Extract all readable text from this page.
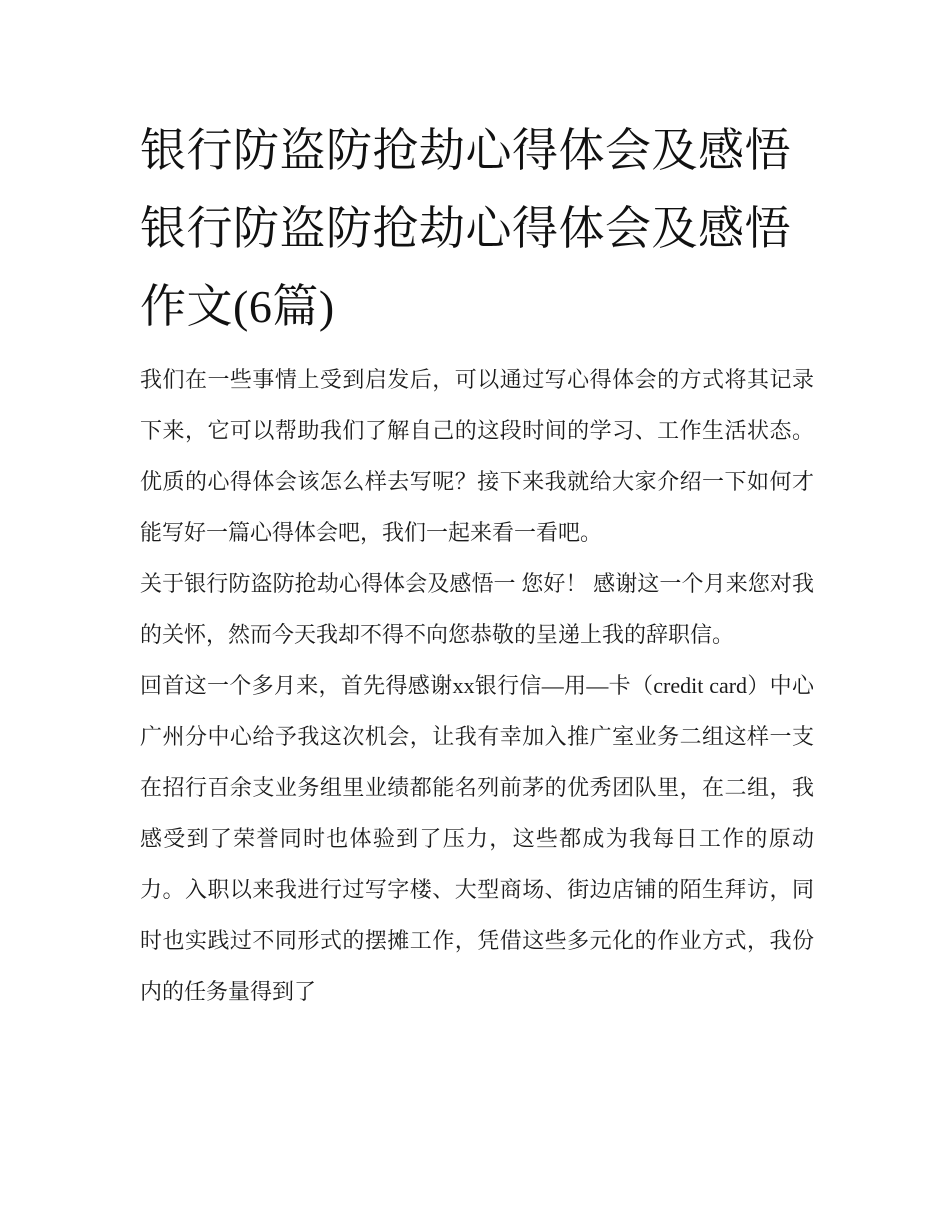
银行防盗防抢劫心得体会及感悟 银行防盗防抢劫心得体会及感悟作文(6篇)

我们在一些事情上受到启发后，可以通过写心得体会的方式将其记录下来，它可以帮助我们了解自己的这段时间的学习、工作生活状态。优质的心得体会该怎么样去写呢？接下来我就给大家介绍一下如何才能写好一篇心得体会吧，我们一起来看一看吧。

关于银行防盗防抢劫心得体会及感悟一 您好！ 感谢这一个月来您对我的关怀，然而今天我却不得不向您恭敬的呈递上我的辞职信。

回首这一个多月来，首先得感谢xx银行信—用—卡（credit card）中心广州分中心给予我这次机会，让我有幸加入推广室业务二组这样一支在招行百余支业务组里业绩都能名列前茅的优秀团队里，在二组，我感受到了荣誉同时也体验到了压力，这些都成为我每日工作的原动力。入职以来我进行过写字楼、大型商场、街边店铺的陌生拜访，同时也实践过不同形式的摆摊工作，凭借这些多元化的作业方式，我份内的任务量得到了
